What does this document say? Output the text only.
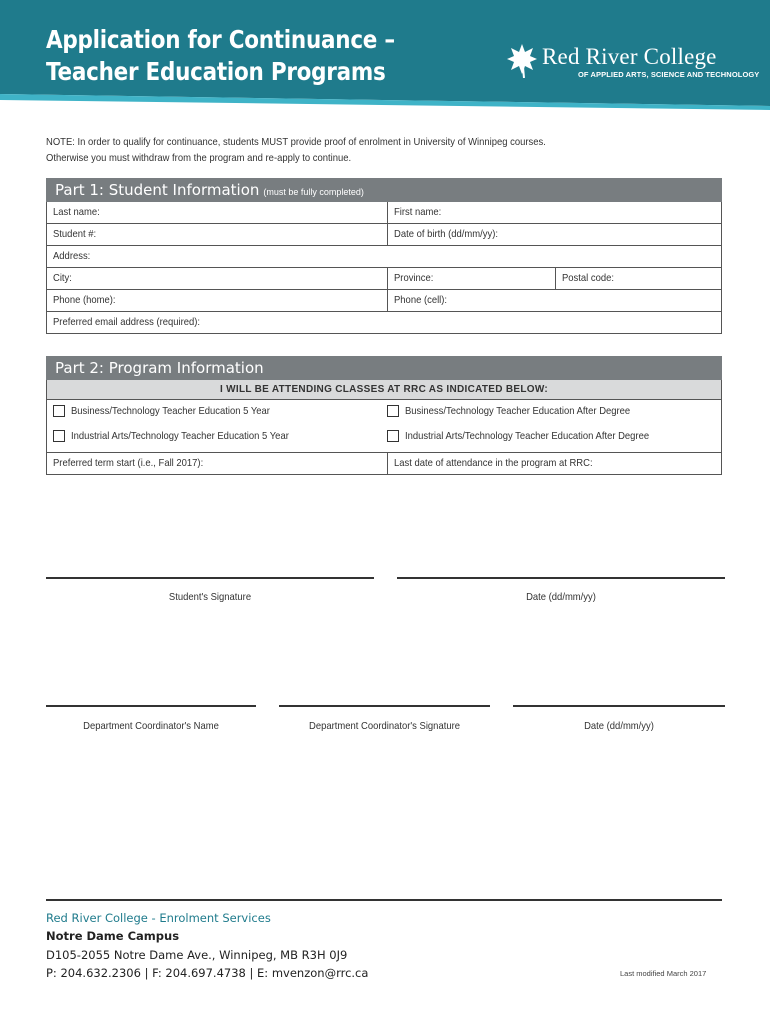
Application for Continuance –
Teacher Education Programs
Red River College
OF APPLIED ARTS, SCIENCE AND TECHNOLOGY
NOTE: In order to qualify for continuance, students MUST provide proof of enrolment in University of Winnipeg courses.
Otherwise you must withdraw from the program and re-apply to continue.
Part 1: Student Information (must be fully completed)
Last name:	First name:
Student #:	Date of birth (dd/mm/yy):
Address:
City:	Province:	Postal code:
Phone (home):	Phone (cell):
Preferred email address (required):
Part 2: Program Information
I WILL BE ATTENDING CLASSES AT RRC AS INDICATED BELOW:
Business/Technology Teacher Education 5 Year	Business/Technology Teacher Education After Degree
Industrial Arts/Technology Teacher Education 5 Year	Industrial Arts/Technology Teacher Education After Degree
Preferred term start (i.e., Fall 2017):	Last date of attendance in the program at RRC:
Student's Signature	Date (dd/mm/yy)
Department Coordinator's Name	Department Coordinator's Signature	Date (dd/mm/yy)
Red River College - Enrolment Services
Notre Dame Campus
D105-2055 Notre Dame Ave., Winnipeg, MB R3H 0J9
P: 204.632.2306 | F: 204.697.4738 | E: mvenzon@rrc.ca	Last modified March 2017
